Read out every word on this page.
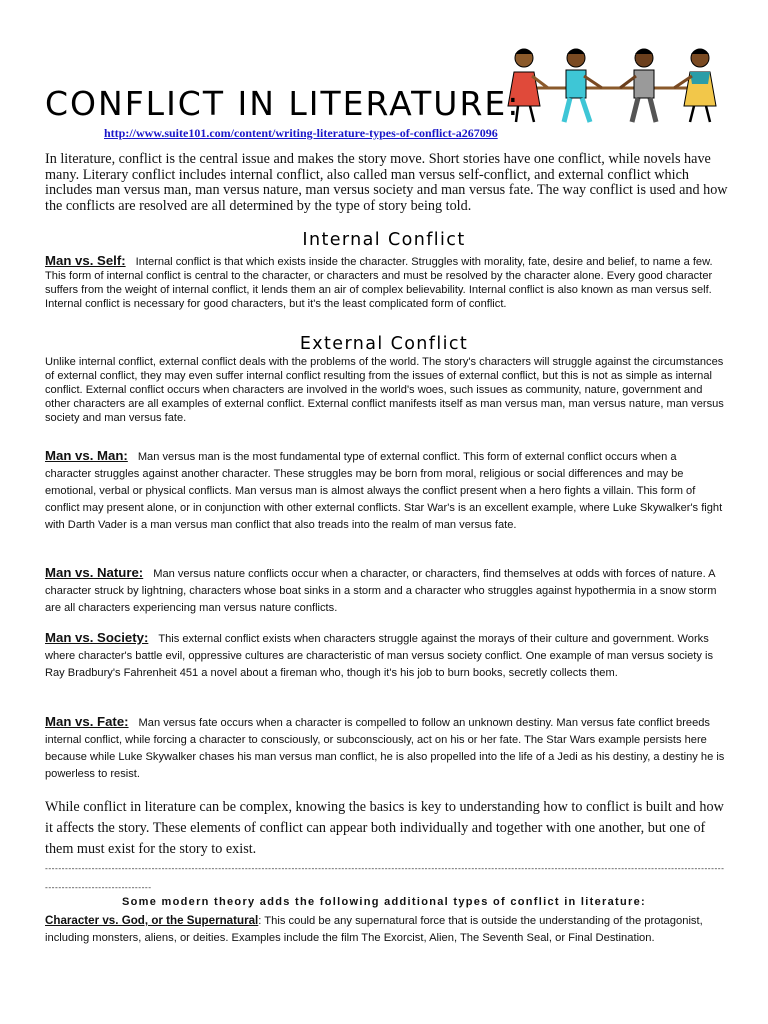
CONFLICT IN LITERATURE:
http://www.suite101.com/content/writing-literature-types-of-conflict-a267096

In literature, conflict is the central issue and makes the story move. Short stories have one conflict, while novels have many. Literary conflict includes internal conflict, also called man versus self-conflict, and external conflict which includes man versus man, man versus nature, man versus society and man versus fate. The way conflict is used and how the conflicts are resolved are all determined by the type of story being told.

Internal Conflict

Man vs. Self: Internal conflict is that which exists inside the character. Struggles with morality, fate, desire and belief, to name a few. This form of internal conflict is central to the character, or characters and must be resolved by the character alone. Every good character suffers from the weight of internal conflict, it lends them an air of complex believability. Internal conflict is also known as man versus self. Internal conflict is necessary for good characters, but it's the least complicated form of conflict.

External Conflict

Unlike internal conflict, external conflict deals with the problems of the world. The story's characters will struggle against the circumstances of external conflict, they may even suffer internal conflict resulting from the issues of external conflict, but this is not as simple as internal conflict. External conflict occurs when characters are involved in the world's woes, such issues as community, nature, government and other characters are all examples of external conflict. External conflict manifests itself as man versus man, man versus nature, man versus society and man versus fate.

Man vs. Man: Man versus man is the most fundamental type of external conflict. This form of external conflict occurs when a character struggles against another character. These struggles may be born from moral, religious or social differences and may be emotional, verbal or physical conflicts. Man versus man is almost always the conflict present when a hero fights a villain. This form of conflict may present alone, or in conjunction with other external conflicts. Star War's is an excellent example, where Luke Skywalker's fight with Darth Vader is a man versus man conflict that also treads into the realm of man versus fate.

Man vs. Nature: Man versus nature conflicts occur when a character, or characters, find themselves at odds with forces of nature. A character struck by lightning, characters whose boat sinks in a storm and a character who struggles against hypothermia in a snow storm are all characters experiencing man versus nature conflicts.

Man vs. Society: This external conflict exists when characters struggle against the morays of their culture and government. Works where character's battle evil, oppressive cultures are characteristic of man versus society conflict. One example of man versus society is Ray Bradbury's Fahrenheit 451 a novel about a fireman who, though it's his job to burn books, secretly collects them.

Man vs. Fate: Man versus fate occurs when a character is compelled to follow an unknown destiny. Man versus fate conflict breeds internal conflict, while forcing a character to consciously, or subconsciously, act on his or her fate. The Star Wars example persists here because while Luke Skywalker chases his man versus man conflict, he is also propelled into the life of a Jedi as his destiny, a destiny he is powerless to resist.

While conflict in literature can be complex, knowing the basics is key to understanding how to conflict is built and how it affects the story. These elements of conflict can appear both individually and together with one another, but one of them must exist for the story to exist.

--------------------------------------------------------------------------------------------------------------------------------------------------------------------------------------------------------------------------------------------

Some modern theory adds the following additional types of conflict in literature:

Character vs. God, or the Supernatural: This could be any supernatural force that is outside the understanding of the protagonist, including monsters, aliens, or deities. Examples include the film The Exorcist, Alien, The Seventh Seal, or Final Destination.
